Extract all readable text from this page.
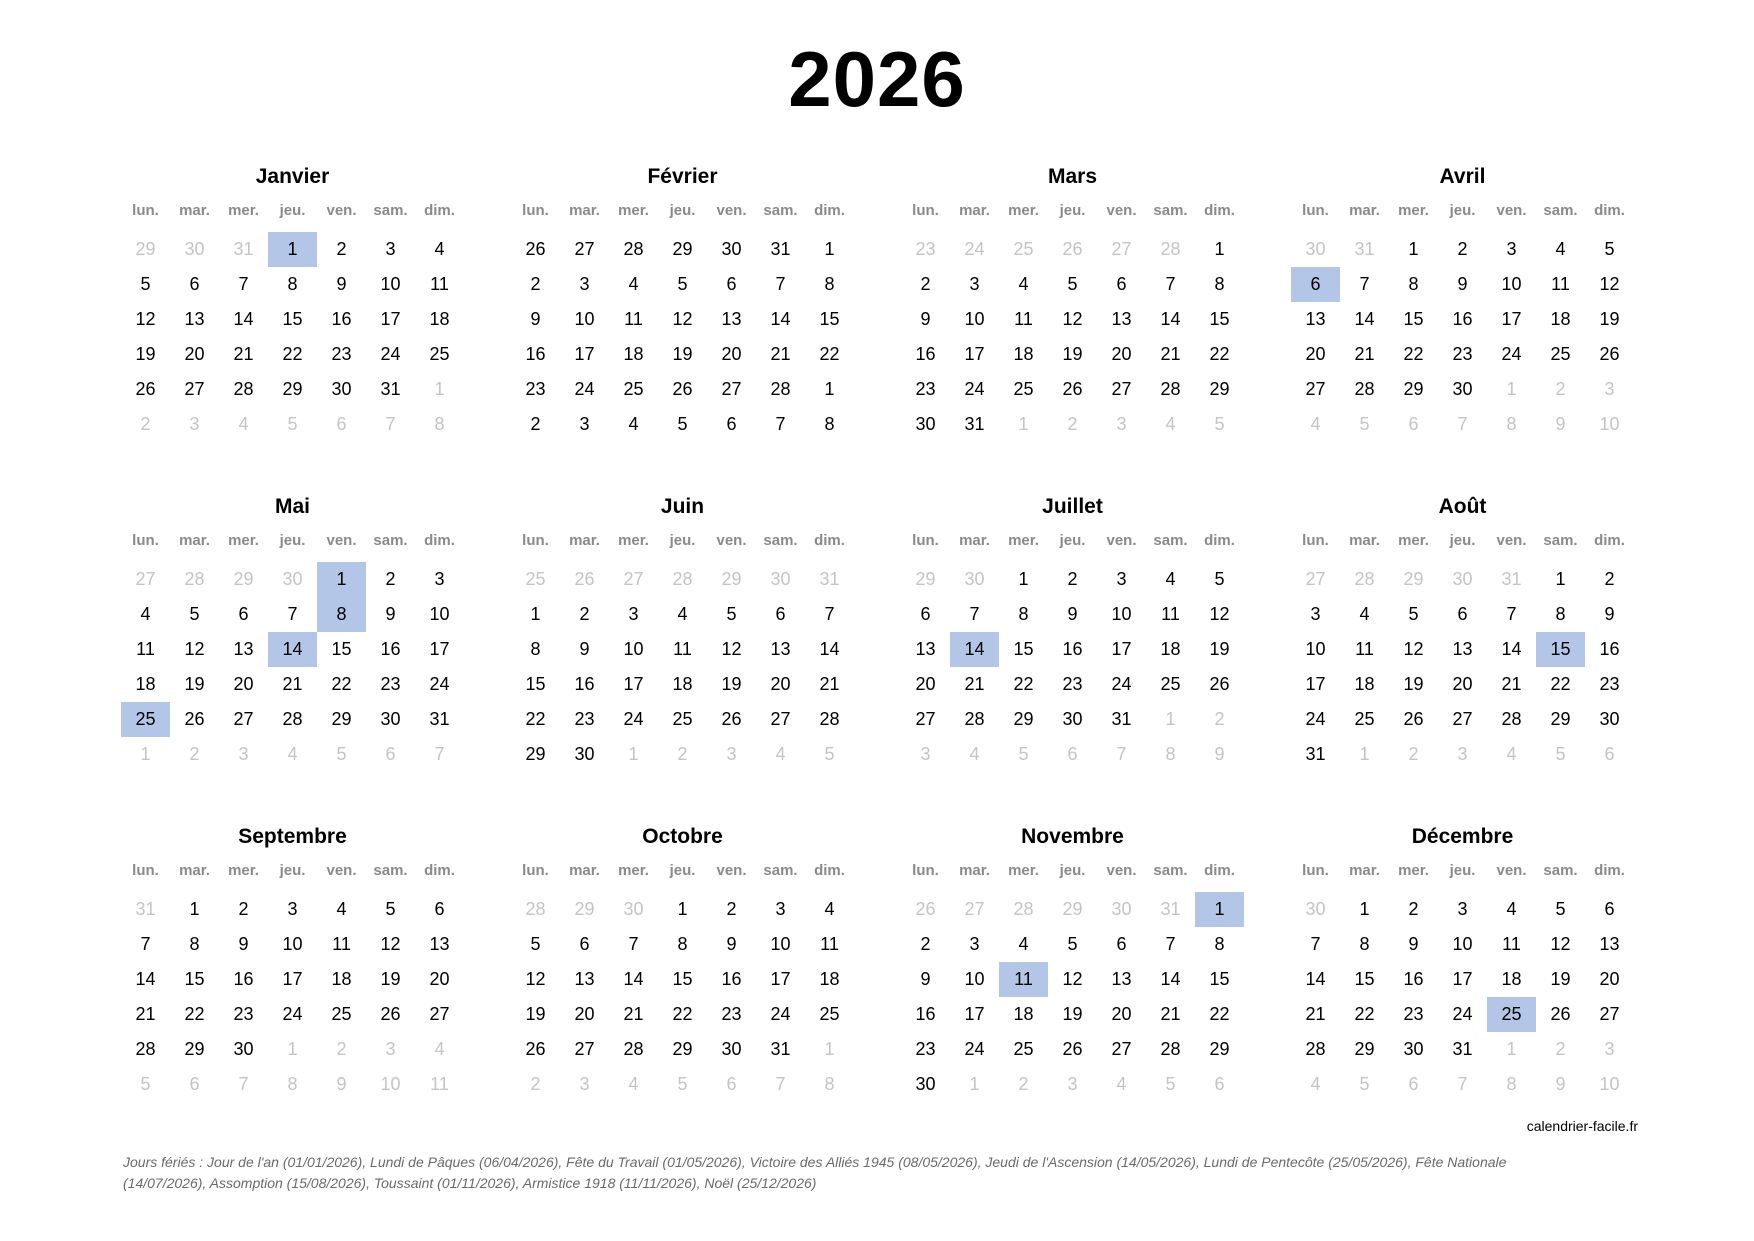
2026
Janvier
lun.	mar.	mer.	jeu.	ven.	sam.	dim.
29	30	31	1	2	3	4
5	6	7	8	9	10	11
12	13	14	15	16	17	18
19	20	21	22	23	24	25
26	27	28	29	30	31	1
2	3	4	5	6	7	8
Février
lun.	mar.	mer.	jeu.	ven.	sam.	dim.
26	27	28	29	30	31	1
2	3	4	5	6	7	8
9	10	11	12	13	14	15
16	17	18	19	20	21	22
23	24	25	26	27	28	1
2	3	4	5	6	7	8
Mars
lun.	mar.	mer.	jeu.	ven.	sam.	dim.
23	24	25	26	27	28	1
2	3	4	5	6	7	8
9	10	11	12	13	14	15
16	17	18	19	20	21	22
23	24	25	26	27	28	29
30	31	1	2	3	4	5
Avril
lun.	mar.	mer.	jeu.	ven.	sam.	dim.
30	31	1	2	3	4	5
6	7	8	9	10	11	12
13	14	15	16	17	18	19
20	21	22	23	24	25	26
27	28	29	30	1	2	3
4	5	6	7	8	9	10
Mai
lun.	mar.	mer.	jeu.	ven.	sam.	dim.
27	28	29	30	1	2	3
4	5	6	7	8	9	10
11	12	13	14	15	16	17
18	19	20	21	22	23	24
25	26	27	28	29	30	31
1	2	3	4	5	6	7
Juin
lun.	mar.	mer.	jeu.	ven.	sam.	dim.
25	26	27	28	29	30	31
1	2	3	4	5	6	7
8	9	10	11	12	13	14
15	16	17	18	19	20	21
22	23	24	25	26	27	28
29	30	1	2	3	4	5
Juillet
lun.	mar.	mer.	jeu.	ven.	sam.	dim.
29	30	1	2	3	4	5
6	7	8	9	10	11	12
13	14	15	16	17	18	19
20	21	22	23	24	25	26
27	28	29	30	31	1	2
3	4	5	6	7	8	9
Août
lun.	mar.	mer.	jeu.	ven.	sam.	dim.
27	28	29	30	31	1	2
3	4	5	6	7	8	9
10	11	12	13	14	15	16
17	18	19	20	21	22	23
24	25	26	27	28	29	30
31	1	2	3	4	5	6
Septembre
lun.	mar.	mer.	jeu.	ven.	sam.	dim.
31	1	2	3	4	5	6
7	8	9	10	11	12	13
14	15	16	17	18	19	20
21	22	23	24	25	26	27
28	29	30	1	2	3	4
5	6	7	8	9	10	11
Octobre
lun.	mar.	mer.	jeu.	ven.	sam.	dim.
28	29	30	1	2	3	4
5	6	7	8	9	10	11
12	13	14	15	16	17	18
19	20	21	22	23	24	25
26	27	28	29	30	31	1
2	3	4	5	6	7	8
Novembre
lun.	mar.	mer.	jeu.	ven.	sam.	dim.
26	27	28	29	30	31	1
2	3	4	5	6	7	8
9	10	11	12	13	14	15
16	17	18	19	20	21	22
23	24	25	26	27	28	29
30	1	2	3	4	5	6
Décembre
lun.	mar.	mer.	jeu.	ven.	sam.	dim.
30	1	2	3	4	5	6
7	8	9	10	11	12	13
14	15	16	17	18	19	20
21	22	23	24	25	26	27
28	29	30	31	1	2	3
4	5	6	7	8	9	10
calendrier-facile.fr
Jours fériés : Jour de l'an (01/01/2026), Lundi de Pâques (06/04/2026), Fête du Travail (01/05/2026), Victoire des Alliés 1945 (08/05/2026), Jeudi de l'Ascension (14/05/2026), Lundi de Pentecôte (25/05/2026), Fête Nationale (14/07/2026), Assomption (15/08/2026), Toussaint (01/11/2026), Armistice 1918 (11/11/2026), Noël (25/12/2026)
